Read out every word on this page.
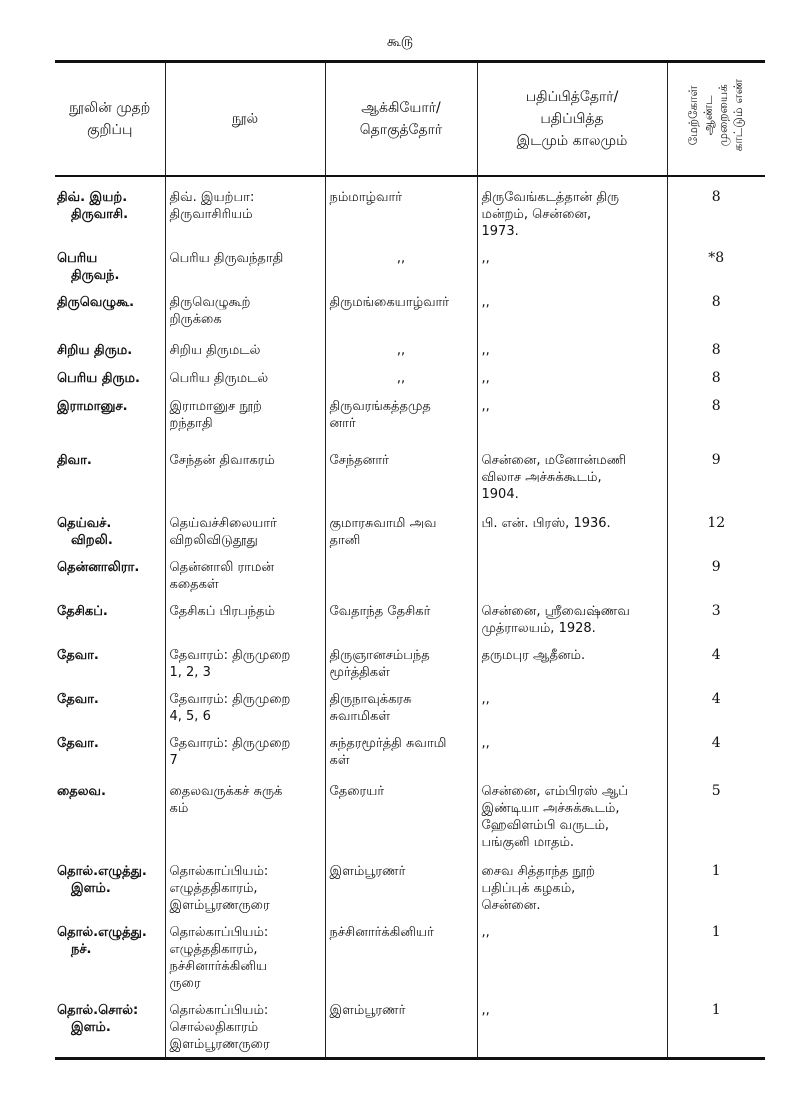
கூ௫
நூலின் முதற்
குறிப்பு	நூல்	ஆக்கியோர்/
தொகுத்தோர்	பதிப்பித்தோர்/
பதிப்பித்த
இடமும் காலமும்	மேற்கோள் ஆண்ட முறையைக் காட்டும் எண்

திவ். இயற்.
திருவாசி.	திவ். இயற்பா:
திருவாசிரியம்	நம்மாழ்வார்	திருவேங்கடத்தான் திரு
மன்றம், சென்னை,
1973.	8

பெரிய
திருவந்.	பெரிய திருவந்தாதி	,,	,,	*8

திருவெழுகூ.	திருவெழுகூற்
றிருக்கை	திருமங்கையாழ்வார்	,,	8

சிறிய திரும.	சிறிய திருமடல்	,,	,,	8

பெரிய திரும.	பெரிய திருமடல்	,,	,,	8

இராமானுச.	இராமானுச நூற்
றந்தாதி	திருவரங்கத்தமுத
னார்	,,	8

திவா.	சேந்தன் திவாகரம்	சேந்தனார்	சென்னை, மனோன்மணி
விலாச அச்சுக்கூடம்,
1904.	9

தெய்வச்.
விறலி.	தெய்வச்சிலையார்
விறலிவிடுதூது	குமாரசுவாமி அவ
தானி	பி. என். பிரஸ், 1936.	12

தென்னாலிரா.	தென்னாலி ராமன்
கதைகள்			9

தேசிகப்.	தேசிகப் பிரபந்தம்	வேதாந்த தேசிகர்	சென்னை, ஸ்ரீவைஷ்ணவ
முத்ராலயம், 1928.	3

தேவா.	தேவாரம்: திருமுறை
1, 2, 3	திருஞானசம்பந்த
மூர்த்திகள்	தருமபுர ஆதீனம்.	4

தேவா.	தேவாரம்: திருமுறை
4, 5, 6	திருநாவுக்கரசு
சுவாமிகள்	,,	4

தேவா.	தேவாரம்: திருமுறை
7	சுந்தரமூர்த்தி சுவாமி
கள்	,,	4

தைலவ.	தைலவருக்கச் சுருக்
கம்	தேரையர்	சென்னை, எம்பிரஸ் ஆப்
இண்டியா அச்சுக்கூடம்,
ஹேவிளம்பி வருடம்,
பங்குனி மாதம்.	5

தொல்.எழுத்து.
இளம்.	தொல்காப்பியம்:
எழுத்ததிகாரம்,
இளம்பூரணருரை	இளம்பூரணர்	சைவ சித்தாந்த நூற்
பதிப்புக் கழகம்,
சென்னை.	1

தொல்.எழுத்து.
நச்.	தொல்காப்பியம்:
எழுத்ததிகாரம்,
நச்சினார்க்கினிய
ருரை	நச்சினார்க்கினியர்	,,	1

தொல்.சொல்:
இளம்.	தொல்காப்பியம்:
சொல்லதிகாரம்
இளம்பூரணருரை	இளம்பூரணர்	,,	1
